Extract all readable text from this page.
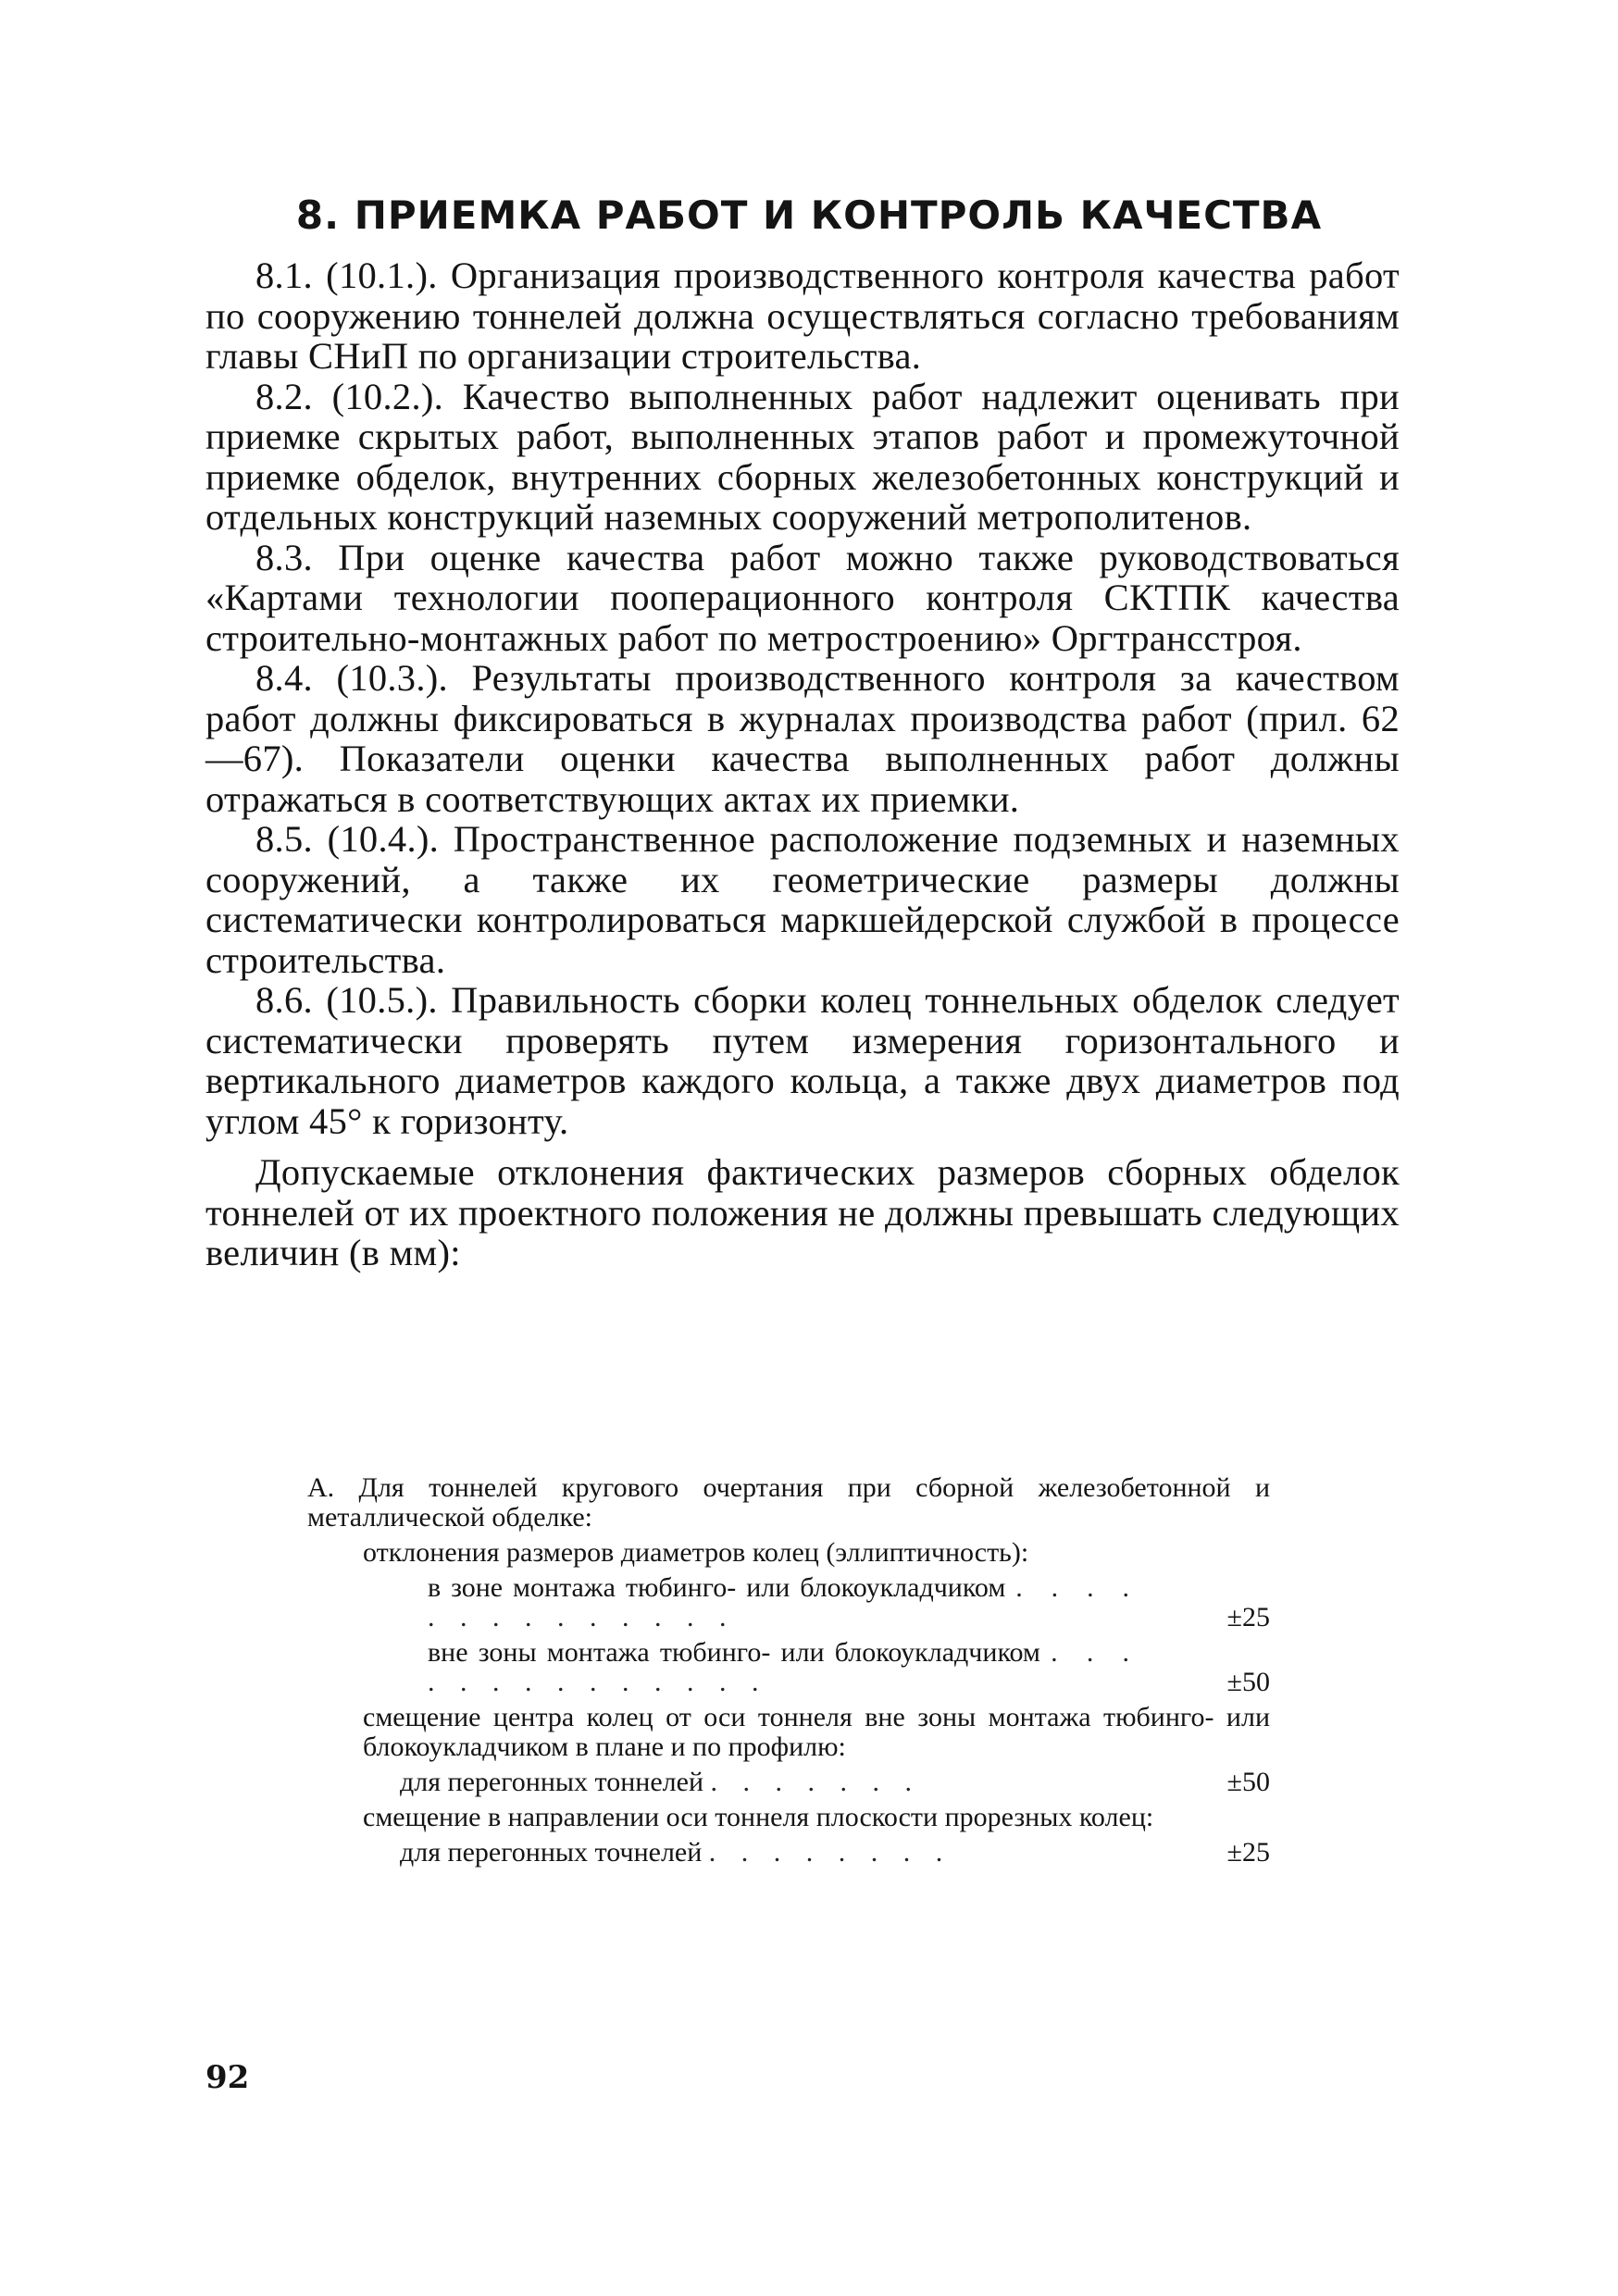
8. ПРИЕМКА РАБОТ И КОНТРОЛЬ КАЧЕСТВА

8.1. (10.1.). Организация производственного контроля качества работ по сооружению тоннелей должна осуществляться согласно требованиям главы СНиП по организации строительства.

8.2. (10.2.). Качество выполненных работ надлежит оценивать при приемке скрытых работ, выполненных этапов работ и промежуточной приемке обделок, внутренних сборных железобетонных конструкций и отдельных конструкций наземных сооружений метрополитенов.

8.3. При оценке качества работ можно также руководствоваться «Картами технологии пооперационного контроля СКТПК качества строительно-монтажных работ по метростроению» Оргтрансстроя.

8.4. (10.3.). Результаты производственного контроля за качеством работ должны фиксироваться в журналах производства работ (прил. 62—67). Показатели оценки качества выполненных работ должны отражаться в соответствующих актах их приемки.

8.5. (10.4.). Пространственное расположение подземных и наземных сооружений, а также их геометрические размеры должны систематически контролироваться маркшейдерской службой в процессе строительства.

8.6. (10.5.). Правильность сборки колец тоннельных обделок следует систематически проверять путем измерения горизонтального и вертикального диаметров каждого кольца, а также двух диаметров под углом 45° к горизонту.

Допускаемые отклонения фактических размеров сборных обделок тоннелей от их проектного положения не должны превышать следующих величин (в мм):

А. Для тоннелей кругового очертания при сборной железобетонной и металлической обделке:

отклонения размеров диаметров колец (эллиптичность):

в зоне монтажа тюбинго- или блокоукладчиком . . . . . . . . . . . . . .	±25
вне зоны монтажа тюбинго- или блокоукладчиком . . . . . . . . . . . . . .	±50

смещение центра колец от оси тоннеля вне зоны монтажа тюбинго- или блокоукладчиком в плане и по профилю:

для перегонных тоннелей . . . . . . .	±50

смещение в направлении оси тоннеля плоскости прорезных колец:

для перегонных точнелей . . . . . . . .	±25
92
